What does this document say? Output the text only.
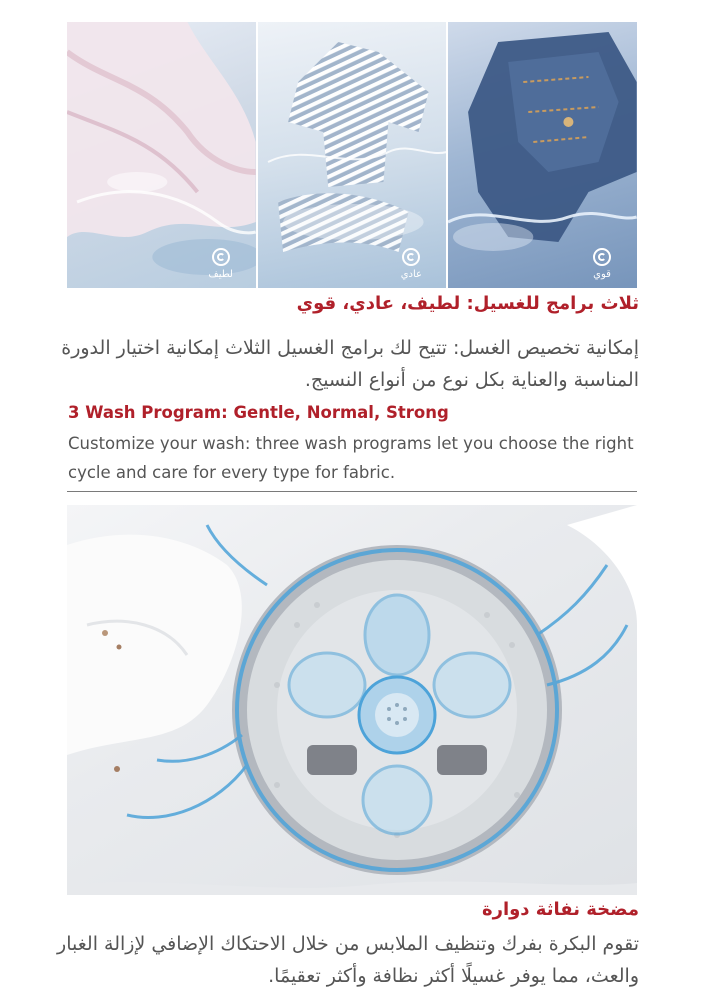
لطيف	عادي	قوي
ثلاث برامج للغسيل: لطيف، عادي، قوي

إمكانية تخصيص الغسل: تتيح لك برامج الغسيل الثلاث إمكانية اختيار الدورة المناسبة والعناية بكل نوع من أنواع النسيج.

3 Wash Program: Gentle, Normal, Strong

Customize your wash: three wash programs let you choose the right cycle and care for every type for fabric.

مضخة نفاثة دوارة

تقوم البكرة بفرك وتنظيف الملابس من خلال الاحتكاك الإضافي لإزالة الغبار والعث، مما يوفر غسيلًا أكثر نظافة وأكثر تعقيمًا.
